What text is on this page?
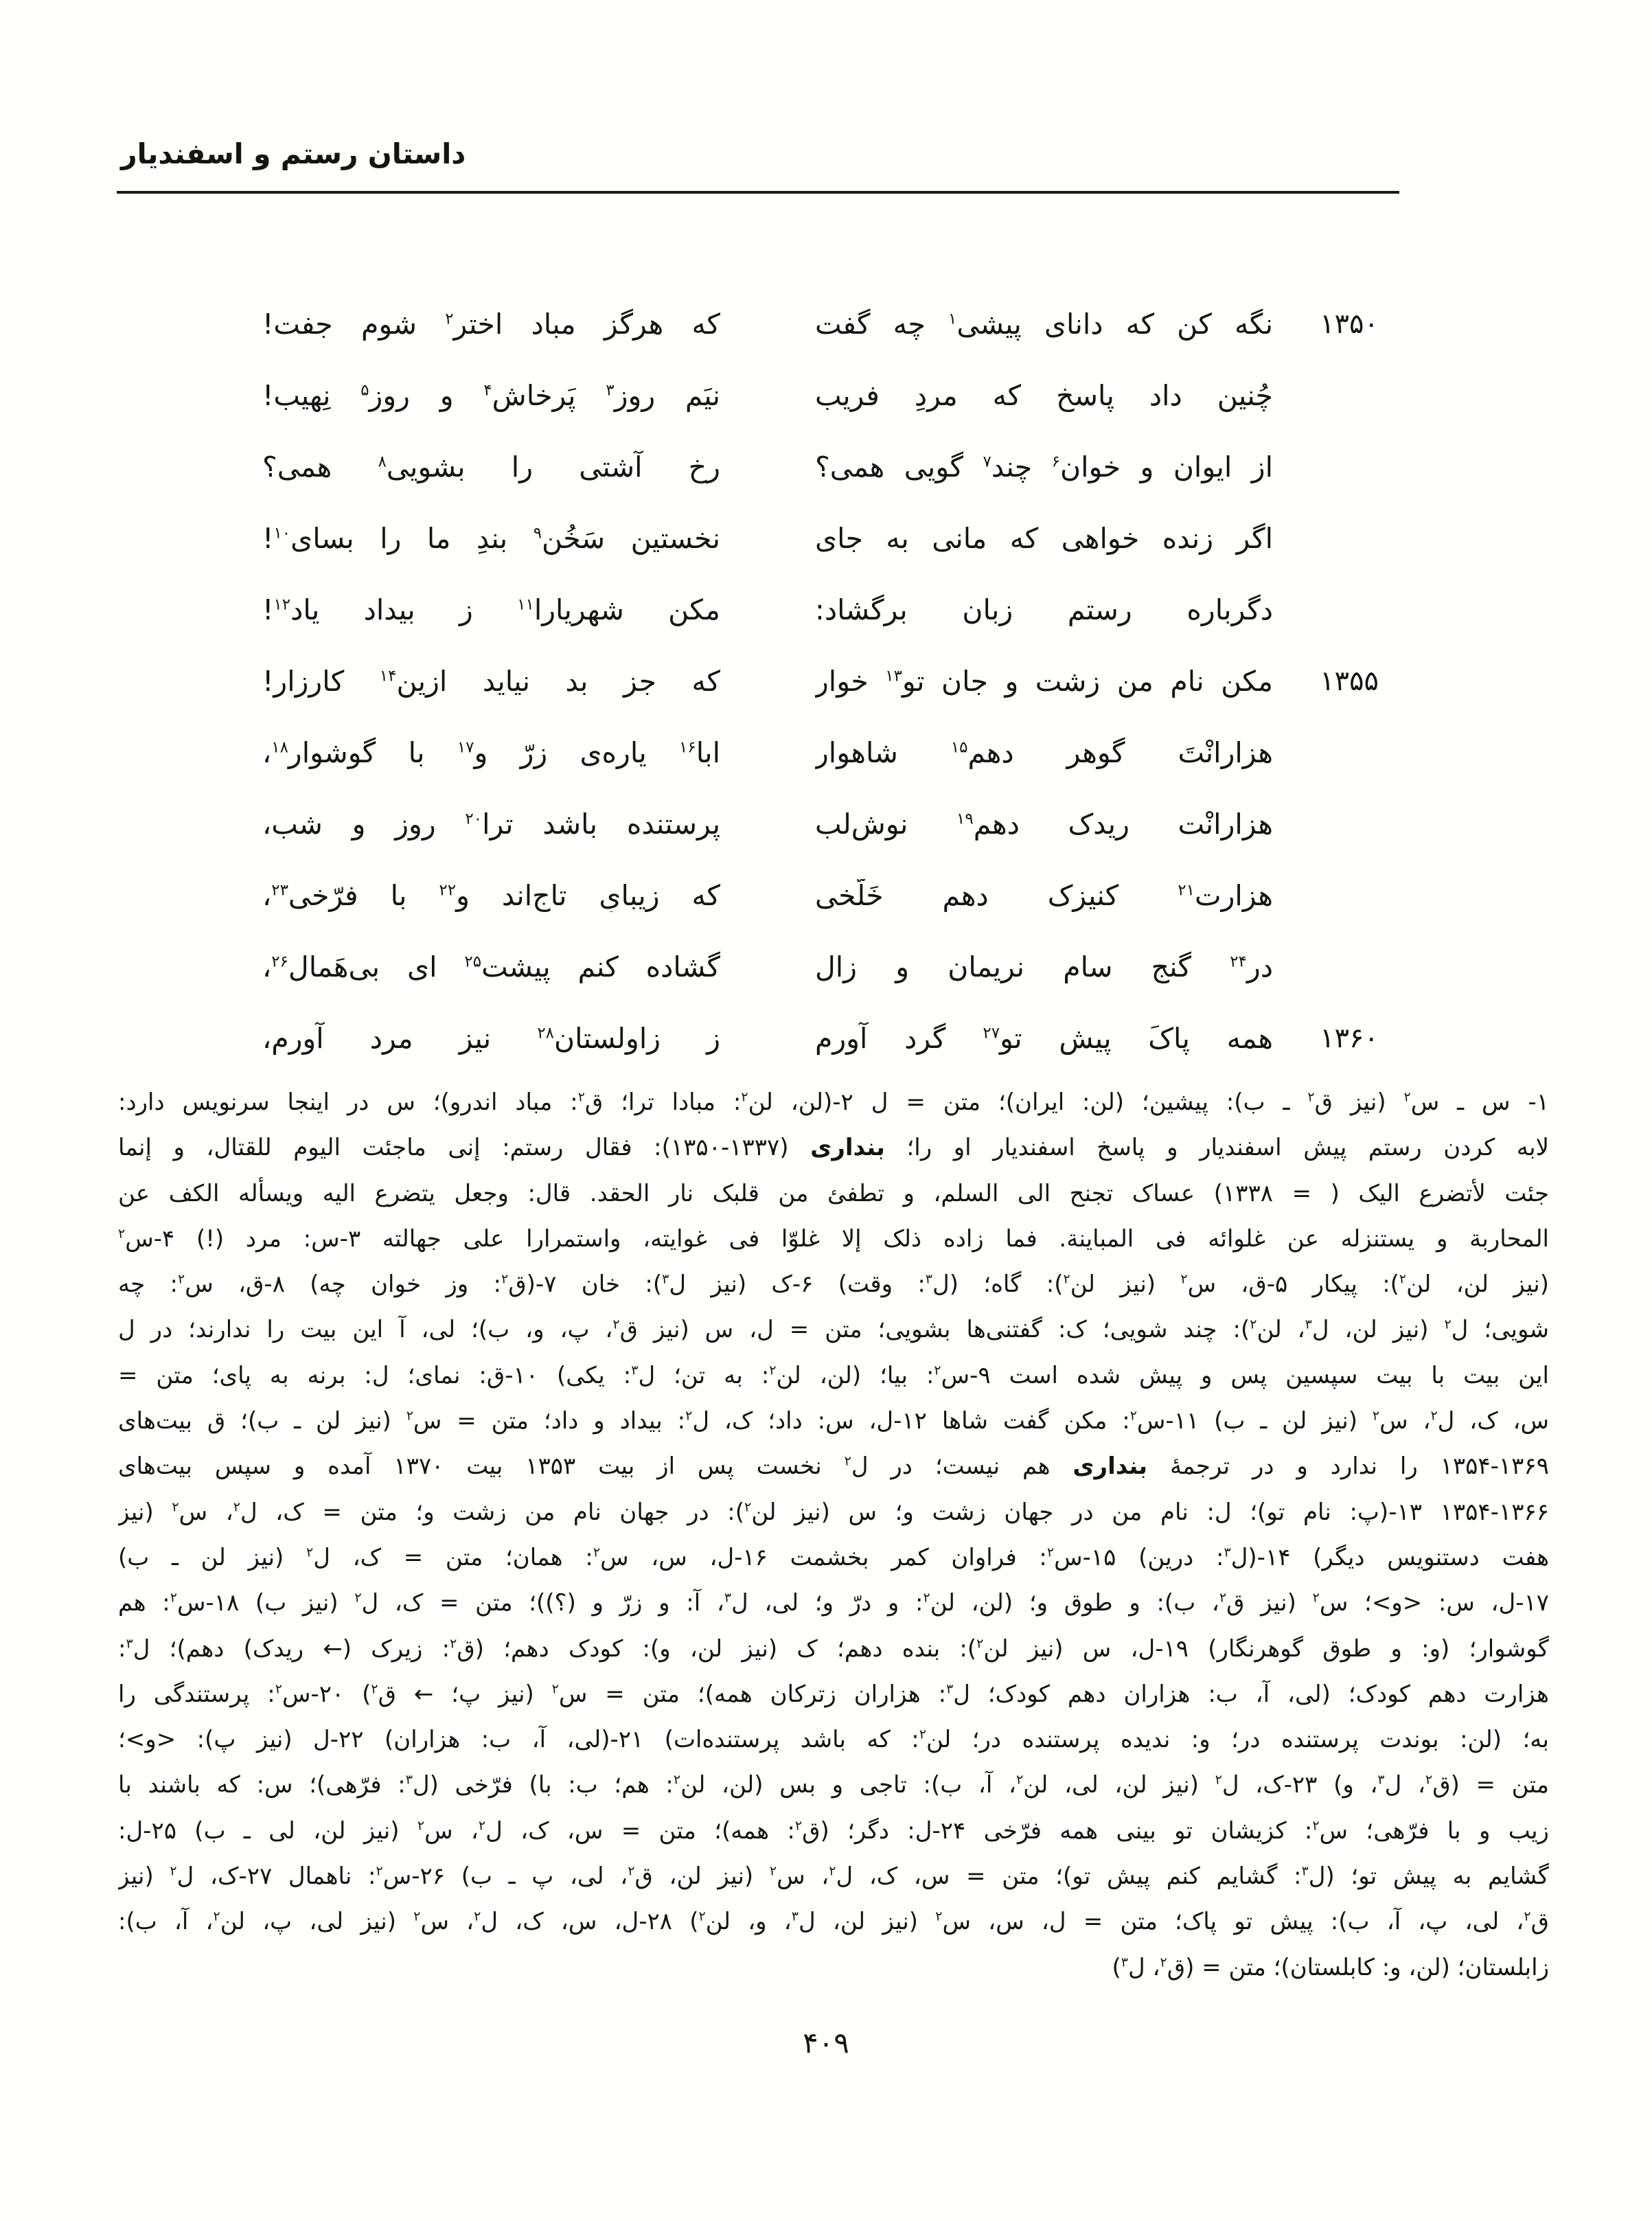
داستان رستم و اسفندیار
۱۳۵۰
نگه کن که دانای پیشی$^۱$ چه گفت
که هرگز مباد اخترِ$^۲$ شوم جفت!
چُنین داد پاسخ که مردِ فریب
نیَم روزِ$^۳$ پَرخاش$^۴$ و روزِ$^۵$ نِهیب!
از ایوان و خوان$^۶$ چند$^۷$ گویی همی؟
رخِ آشتی را بشویی$^۸$ همی؟
اگر زنده خواهی که مانی به جای
نخستین سَخُن$^۹$ بندِ ما را بسای$^{۱۰}$!
دگرباره رستم زبان برگشاد:
مکن شهریارا$^{۱۱}$ زِ بیداد یاد$^{۱۲}$!
۱۳۵۵
مکن نام من زشت و جانِ تو$^{۱۳}$ خوار
که جز بد نیاید ازین$^{۱۴}$ کارزار!
هزارانْتَ گوهر دهم$^{۱۵}$ شاهوار
ابا$^{۱۶}$ یاره‌ی زرّ و$^{۱۷}$ با گوشوار$^{۱۸}$،
هزارانْت ریدک دهم$^{۱۹}$ نوش‌لب
پرستنده باشد ترا$^{۲۰}$ روز و شب،
هزارت$^{۲۱}$ کنیزک دهم خَلَّخی
که زیبایِ تاج‌اند و$^{۲۲}$ با فرّخی$^{۲۳}$،
درِ$^{۲۴}$ گنجِ سامِ نریمان و زال
گشاده کنم پیشت$^{۲۵}$ ای بی‌هَمال$^{۲۶}$،
۱۳۶۰
همه پاکَ پیشِ تو$^{۲۷}$ گرد آورم
زِ زاولستان$^{۲۸}$ نیز مرد آورم،
۱- س ـ س$^۲$ (نیز ق$^۲$ ـ ب): پیشین؛ (لن: ایران)؛ متن = ل ۲-(لن، لن$^۲$: مبادا ترا؛ ق$^۲$: مباد اندرو)؛ س در اینجا سرنویس دارد:
لابه کردن رستم پیش اسفندیار و پاسخ اسفندیار او را؛ بنداری (۱۳۳۷-۱۳۵۰): فقال رستم: إنی ماجئت الیوم للقتال، و إنما
جئت لأتضرع الیک ( = ۱۳۳۸) عساک تجنح الی السلم، و تطفئ من قلبک نار الحقد. قال: وجعل یتضرع الیه ویسأله الکف عن
المحاربة و یستنزله عن غلوائه فی المباینة. فما زاده ذلک إلا غلوّا فی غوایته، واستمرارا علی جهالته ۳-س: مرد (!) ۴-س$^۲$
(نیز لن، لن$^۲$): پیکار ۵-ق، س$^۲$ (نیز لن$^۲$): گاه؛ (ل$^۳$: وقت) ۶-ک (نیز ل$^۳$): خان ۷-(ق$^۲$: وز خوان چه) ۸-ق، س$^۲$: چه
شویی؛ ل$^۲$ (نیز لن، ل$^۳$، لن$^۲$): چند شویی؛ ک: گفتنی‌ها بشویی؛ متن = ل، س (نیز ق$^۲$، پ، و، ب)؛ لی، آ این بیت را ندارند؛ در ل
این بیت با بیت سپسین پس و پیش شده است ۹-س$^۲$: بیا؛ (لن، لن$^۲$: به تن؛ ل$^۳$: یکی) ۱۰-ق: نمای؛ ل: برنه به پای؛ متن =
س، ک، ل$^۲$، س$^۲$ (نیز لن ـ ب) ۱۱-س$^۲$: مکن گفت شاها ۱۲-ل، س: داد؛ ک، ل$^۲$: بیداد و داد؛ متن = س$^۲$ (نیز لن ـ ب)؛ ق بیت‌های
۱۳۵۴-۱۳۶۹ را ندارد و در ترجمهٔ بنداری هم نیست؛ در ل$^۲$ نخست پس از بیت ۱۳۵۳ بیت ۱۳۷۰ آمده و سپس بیت‌های
۱۳۵۴-۱۳۶۶ ۱۳-(پ: نام تو)؛ ل: نام من در جهان زشت و؛ س (نیز لن$^۲$): در جهان نام من زشت و؛ متن = ک، ل$^۲$، س$^۲$ (نیز
هفت دستنویس دیگر) ۱۴-(ل$^۳$: درین) ۱۵-س$^۲$: فراوان کمر بخشمت ۱۶-ل، س، س$^۲$: همان؛ متن = ک، ل$^۲$ (نیز لن ـ ب)
۱۷-ل، س: <و>؛ س$^۲$ (نیز ق$^۲$، ب): و طوق و؛ (لن، لن$^۲$: و درّ و؛ لی، ل$^۳$، آ: و زرّ و (؟))؛ متن = ک، ل$^۲$ (نیز ب) ۱۸-س$^۲$: هم
گوشوار؛ (و: و طوق گوهرنگار) ۱۹-ل، س (نیز لن$^۲$): بنده دهم؛ ک (نیز لن، و): کودک دهم؛ (ق$^۲$: زیرک (← ریدک) دهم)؛ ل$^۳$:
هزارت دهم کودک؛ (لی، آ، ب: هزاران دهم کودک؛ ل$^۳$: هزاران زترکان همه)؛ متن = س$^۲$ (نیز پ؛ ← ق$^۲$) ۲۰-س$^۲$: پرستندگی را
به؛ (لن: بوندت پرستنده در؛ و: ندیده پرستنده در؛ لن$^۲$: که باشد پرستنده‌ات) ۲۱-(لی، آ، ب: هزاران) ۲۲-ل (نیز پ): <و>؛
متن = (ق$^۲$، ل$^۳$، و) ۲۳-ک، ل$^۲$ (نیز لن، لی، لن$^۲$، آ، ب): تاجی و بس (لن، لن$^۲$: هم؛ ب: با) فرّخی (ل$^۳$: فرّهی)؛ س: که باشند با
زیب و با فرّهی؛ س$^۲$: کزیشان تو بینی همه فرّخی ۲۴-ل: دگر؛ (ق$^۲$: همه)؛ متن = س، ک، ل$^۲$، س$^۲$ (نیز لن، لی ـ ب) ۲۵-ل:
گشایم به پیش تو؛ (ل$^۳$: گشایم کنم پیش تو)؛ متن = س، ک، ل$^۲$، س$^۲$ (نیز لن، ق$^۲$، لی، پ ـ ب) ۲۶-س$^۲$: ناهمال ۲۷-ک، ل$^۲$ (نیز
ق$^۲$، لی، پ، آ، ب): پیش تو پاک؛ متن = ل، س، س$^۲$ (نیز لن، ل$^۳$، و، لن$^۲$) ۲۸-ل، س، ک، ل$^۲$، س$^۲$ (نیز لی، پ، لن$^۲$، آ، ب):
زابلستان؛ (لن، و: کابلستان)؛ متن = (ق$^۲$، ل$^۳$)
۴۰۹
